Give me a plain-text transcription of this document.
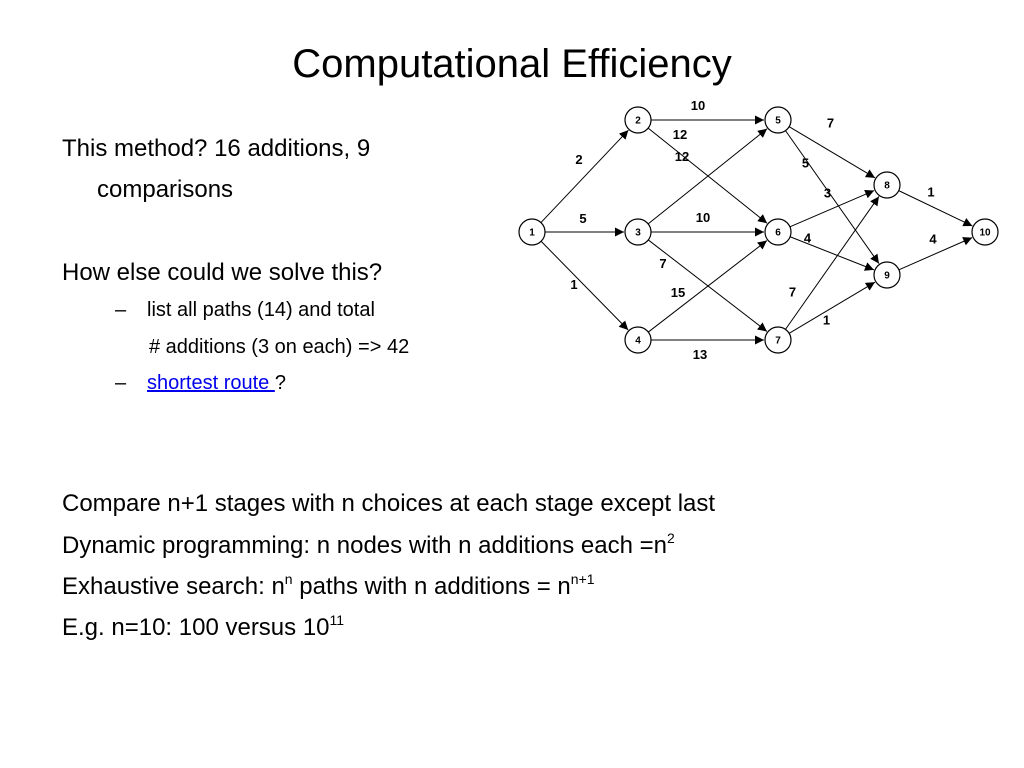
Computational Efficiency
This method? 16 additions, 9
comparisons
How else could we solve this?
– list all paths (14) and total
# additions (3 on each) => 42
– shortest route ?
Compare n+1 stages with n choices at each stage except last
Dynamic programming: n nodes with n additions each $=n^2$
Exhaustive search: $n^n$ paths with n additions = $n^{n+1}$
E.g. n=10: 100 versus $10^{11}$
2
5
1
10
12
12
10
7
15
13
7
5
3
4
7
1
1
4
1
2
3
4
5
6
7
8
9
10
